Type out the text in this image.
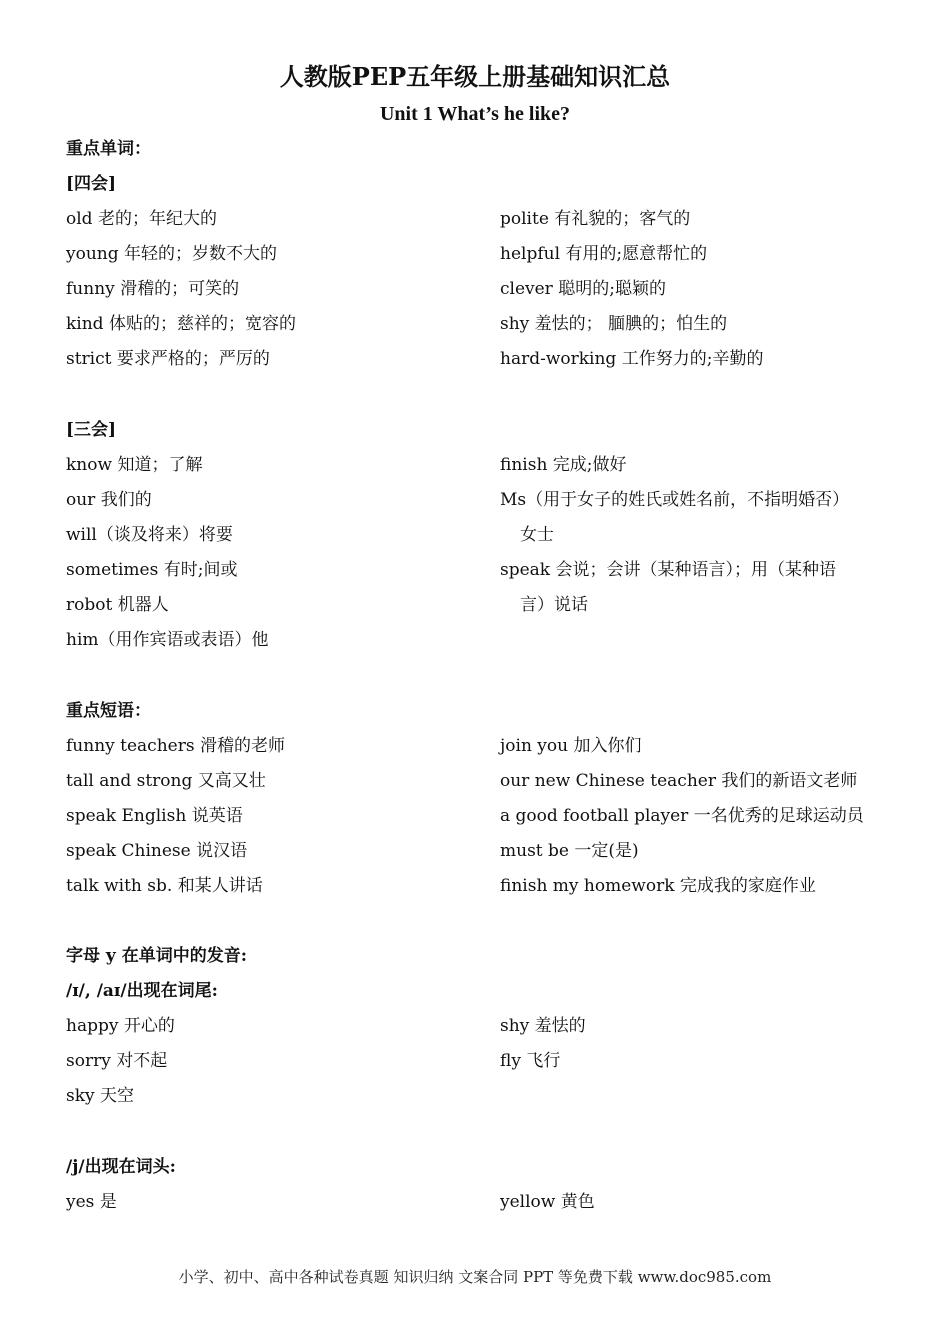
人教版PEP五年级上册基础知识汇总
Unit 1 What’s he like?
重点单词：
[四会]
old 老的；年纪大的	polite 有礼貌的；客气的
young 年轻的；岁数不大的	helpful 有用的;愿意帮忙的
funny 滑稽的；可笑的	clever 聪明的;聪颖的
kind 体贴的；慈祥的；宽容的	shy 羞怯的； 腼腆的；怕生的
strict 要求严格的；严厉的	hard-working 工作努力的;辛勤的
[三会]
know 知道；了解	finish 完成;做好
our 我们的	Ms（用于女子的姓氏或姓名前，不指明婚否）
will（谈及将来）将要	女士
sometimes 有时;间或	speak 会说；会讲（某种语言）；用（某种语
robot 机器人	言）说话
him（用作宾语或表语）他
重点短语：
funny teachers 滑稽的老师	join you 加入你们
tall and strong 又高又壮	our new Chinese teacher 我们的新语文老师
speak English 说英语	a good football player 一名优秀的足球运动员
speak Chinese 说汉语	must be 一定(是)
talk with sb. 和某人讲话	finish my homework 完成我的家庭作业
字母 y 在单词中的发音:
/ɪ/, /aɪ/出现在词尾:
happy 开心的	shy 羞怯的
sorry 对不起	fly 飞行
sky 天空
/j/出现在词头:
yes 是	yellow 黄色
小学、初中、高中各种试卷真题 知识归纳 文案合同 PPT 等免费下载 www.doc985.com
